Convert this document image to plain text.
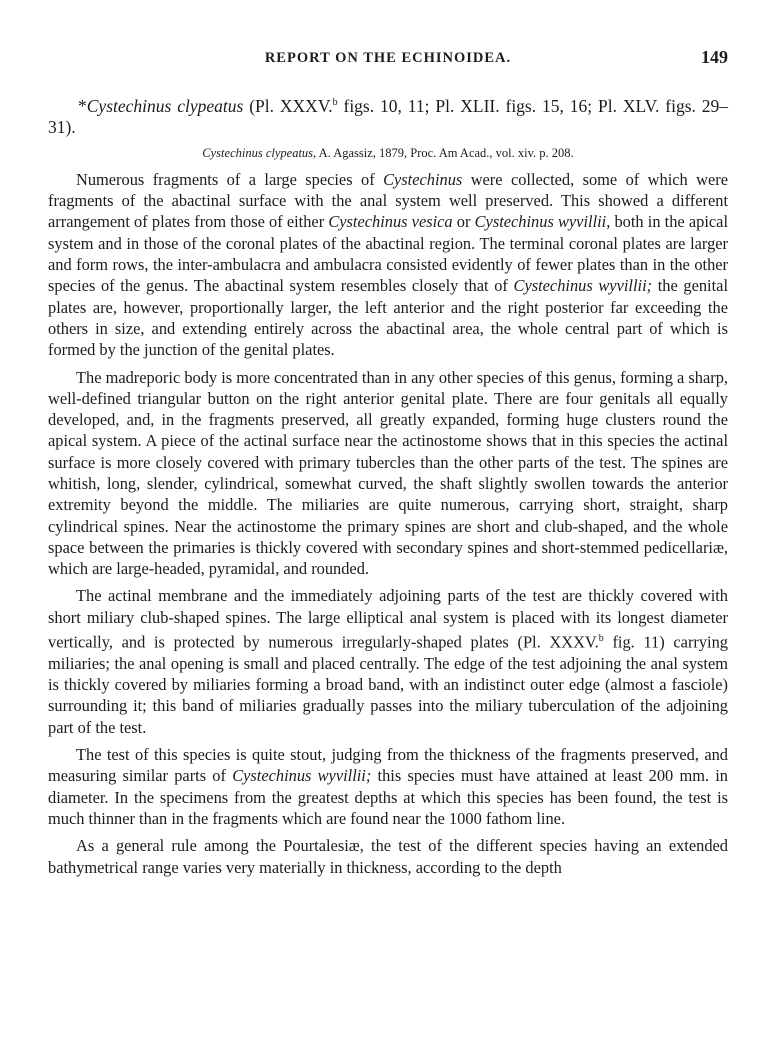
REPORT ON THE ECHINOIDEA.	149
*Cystechinus clypeatus (Pl. XXXV.$^b$ figs. 10, 11; Pl. XLII. figs. 15, 16; Pl. XLV. figs. 29–31).
Cystechinus clypeatus, A. Agassiz, 1879, Proc. Am Acad., vol. xiv. p. 208.

Numerous fragments of a large species of Cystechinus were collected, some of which were fragments of the abactinal surface with the anal system well preserved. This showed a different arrangement of plates from those of either Cystechinus vesica or Cystechinus wyvillii, both in the apical system and in those of the coronal plates of the abactinal region. The terminal coronal plates are larger and form rows, the inter-ambulacra and ambulacra consisted evidently of fewer plates than in the other species of the genus. The abactinal system resembles closely that of Cystechinus wyvillii; the genital plates are, however, proportionally larger, the left anterior and the right posterior far exceeding the others in size, and extending entirely across the abactinal area, the whole central part of which is formed by the junction of the genital plates.

The madreporic body is more concentrated than in any other species of this genus, forming a sharp, well-defined triangular button on the right anterior genital plate. There are four genitals all equally developed, and, in the fragments preserved, all greatly expanded, forming huge clusters round the apical system. A piece of the actinal surface near the actinostome shows that in this species the actinal surface is more closely covered with primary tubercles than the other parts of the test. The spines are whitish, long, slender, cylindrical, somewhat curved, the shaft slightly swollen towards the anterior extremity beyond the middle. The miliaries are quite numerous, carrying short, straight, sharp cylindrical spines. Near the actinostome the primary spines are short and club-shaped, and the whole space between the primaries is thickly covered with secondary spines and short-stemmed pedicellariæ, which are large-headed, pyramidal, and rounded.

The actinal membrane and the immediately adjoining parts of the test are thickly covered with short miliary club-shaped spines. The large elliptical anal system is placed with its longest diameter vertically, and is protected by numerous irregularly-shaped plates (Pl. XXXV.$^b$ fig. 11) carrying miliaries; the anal opening is small and placed centrally. The edge of the test adjoining the anal system is thickly covered by miliaries forming a broad band, with an indistinct outer edge (almost a fasciole) surrounding it; this band of miliaries gradually passes into the miliary tuberculation of the adjoining part of the test.

The test of this species is quite stout, judging from the thickness of the fragments preserved, and measuring similar parts of Cystechinus wyvillii; this species must have attained at least 200 mm. in diameter. In the specimens from the greatest depths at which this species has been found, the test is much thinner than in the fragments which are found near the 1000 fathom line.

As a general rule among the Pourtalesiæ, the test of the different species having an extended bathymetrical range varies very materially in thickness, according to the depth
